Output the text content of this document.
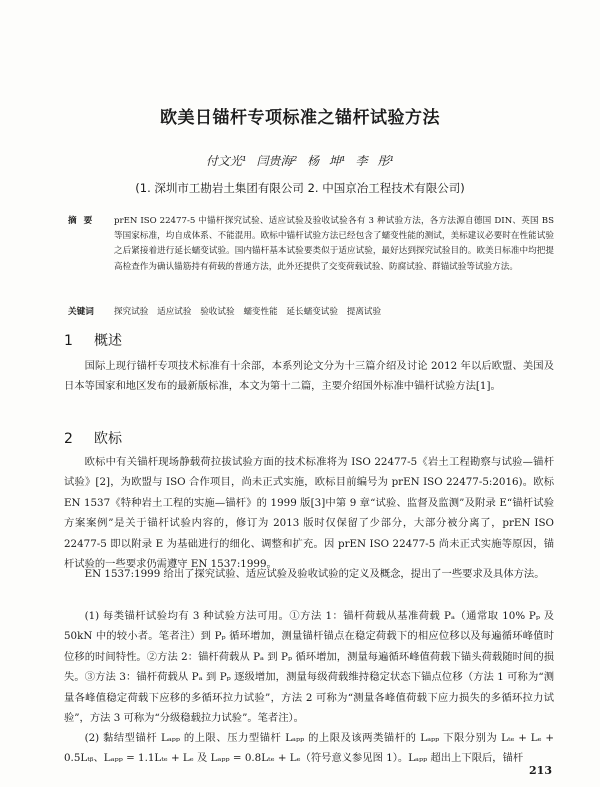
欧美日锚杆专项标准之锚杆试验方法
付文光¹ 闫贵海² 杨 坤¹ 李 彤¹
(1. 深圳市工勘岩土集团有限公司 2. 中国京冶工程技术有限公司)
摘要 prEN ISO 22477-5 中锚杆探究试验、适应试验及验收试验各有 3 种试验方法，各方法源自德国 DIN、英国 BS 等国家标准，均自成体系、不能混用。欧标中锚杆试验方法已经包含了蠕变性能的测试，美标建议必要时在性能试验之后紧接着进行延长蠕变试验。国内锚杆基本试验要类似于适应试验，最好达到探究试验目的。欧美日标准中均把提高检查作为确认锚筋持有荷载的普通方法，此外还提供了交变荷载试验、防腐试验、群锚试验等试验方法。
关键词 探究试验 适应试验 验收试验 蠕变性能 延长蠕变试验 提离试验
1 概述
国际上现行锚杆专项技术标准有十余部，本系列论文分为十三篇介绍及讨论 2012 年以后欧盟、美国及日本等国家和地区发布的最新版标准，本文为第十二篇，主要介绍国外标准中锚杆试验方法[1]。
2 欧标
欧标中有关锚杆现场静载荷拉拔试验方面的技术标准将为 ISO 22477-5《岩土工程勘察与试验—锚杆试验》[2]，为欧盟与 ISO 合作项目，尚未正式实施，欧标目前编号为 prEN ISO 22477-5:2016)。欧标 EN 1537《特种岩土工程的实施—锚杆》的 1999 版[3]中第 9 章“试验、监督及监测”及附录 E“锚杆试验方案案例”是关于锚杆试验内容的，修订为 2013 版时仅保留了少部分，大部分被分离了，prEN ISO 22477-5 即以附录 E 为基础进行的细化、调整和扩充。因 prEN ISO 22477-5 尚未正式实施等原因，锚杆试验的一些要求仍需遵守 EN 1537:1999。
EN 1537:1999 给出了探究试验、适应试验及验收试验的定义及概念，提出了一些要求及具体方法。
(1) 每类锚杆试验均有 3 种试验方法可用。①方法 1：锚杆荷载从基准荷载 Pₐ（通常取 10% Pₚ 及 50kN 中的较小者。笔者注）到 Pₚ 循环增加，测量锚杆锚点在稳定荷载下的相应位移以及每遍循环峰值时位移的时间特性。②方法 2：锚杆荷载从 Pₐ 到 Pₚ 循环增加，测量每遍循环峰值荷载下锚头荷载随时间的损失。③方法 3：锚杆荷载从 Pₐ 到 Pₚ 逐级增加，测量每级荷载维持稳定状态下锚点位移（方法 1 可称为“测量各峰值稳定荷载下应移的多循环拉力试验”，方法 2 可称为“测量各峰值荷载下应力损失的多循环拉力试验”，方法 3 可称为“分级稳载拉力试验”。笔者注）。
(2) 黏结型锚杆 Lₐₚₚ 的上限、压力型锚杆 Lₐₚₚ 的上限及该两类锚杆的 Lₐₚₚ 下限分别为 Lₜₑ + Lₑ + 0.5Lₜᵦ、Lₐₚₚ = 1.1Lₜₑ + Lₑ 及 Lₐₚₚ = 0.8Lₜₑ + Lₑ（符号意义参见图 1）。Lₐₚₚ 超出上下限后，锚杆
213
